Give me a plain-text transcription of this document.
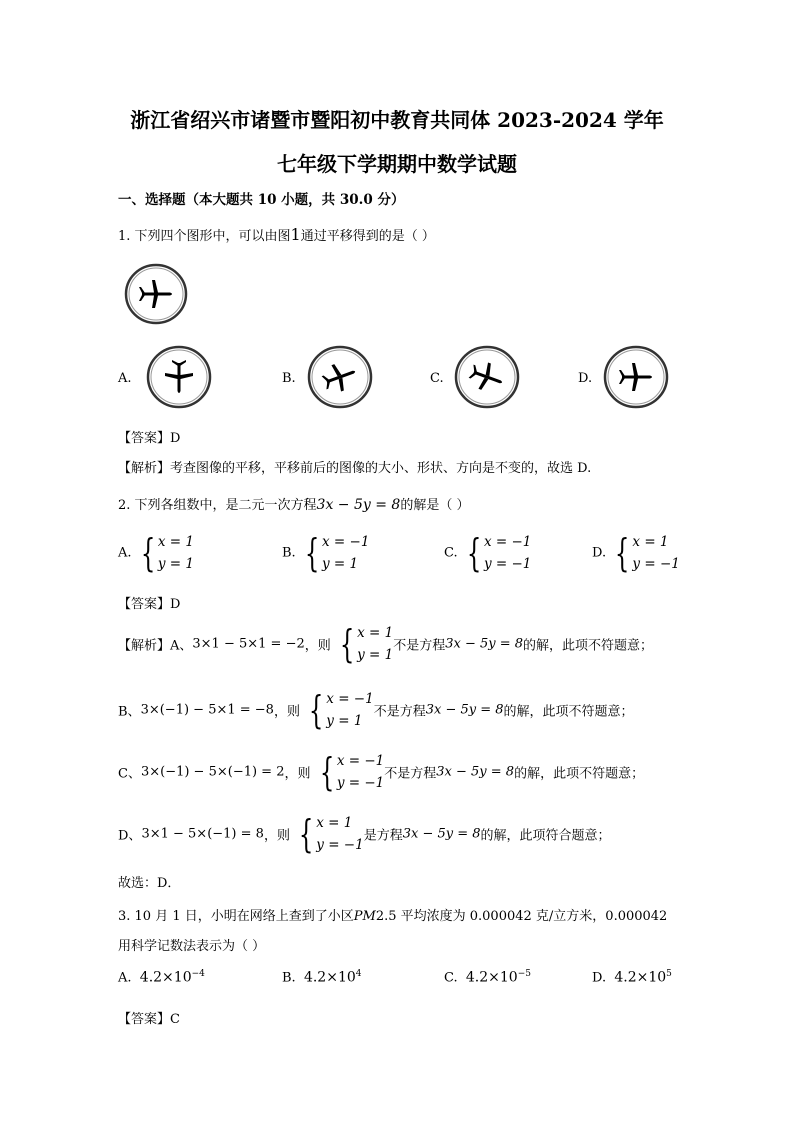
浙江省绍兴市诸暨市暨阳初中教育共同体 2023-2024 学年
七年级下学期期中数学试题
一、选择题（本大题共 10 小题，共 30.0 分）
1. 下列四个图形中，可以由图1通过平移得到的是（ ）
A.	B.	C.	D.
【答案】D
【解析】考查图像的平移，平移前后的图像的大小、形状、方向是不变的，故选 D.
2. 下列各组数中，是二元一次方程3x − 5y = 8的解是（ ）
A. { x = 1
y = 1
B. { x = −1
y = 1
C. { x = −1
y = −1
D. { x = 1
y = −1
【答案】D
【解析】A、3×1 − 5×1 = −2，则 { x = 1
y = 1
不是方程3x − 5y = 8的解，此项不符题意；
B、3×(−1) − 5×1 = −8，则 { x = −1
y = 1
不是方程3x − 5y = 8的解，此项不符题意；
C、3×(−1) − 5×(−1) = 2，则 { x = −1
y = −1
不是方程3x − 5y = 8的解，此项不符题意；
D、3×1 − 5×(−1) = 8，则 { x = 1
y = −1
是方程3x − 5y = 8的解，此项符合题意；
故选：D．
3. 10 月 1 日，小明在网络上查到了小区PM2.5 平均浓度为 0.000042 克/立方米，0.000042
用科学记数法表示为（ ）
A. $4.2\times 10^{-4}$	B. $4.2\times 10^4$	C. $4.2\times 10^{-5}$	D. $4.2\times 10^5$
【答案】C
